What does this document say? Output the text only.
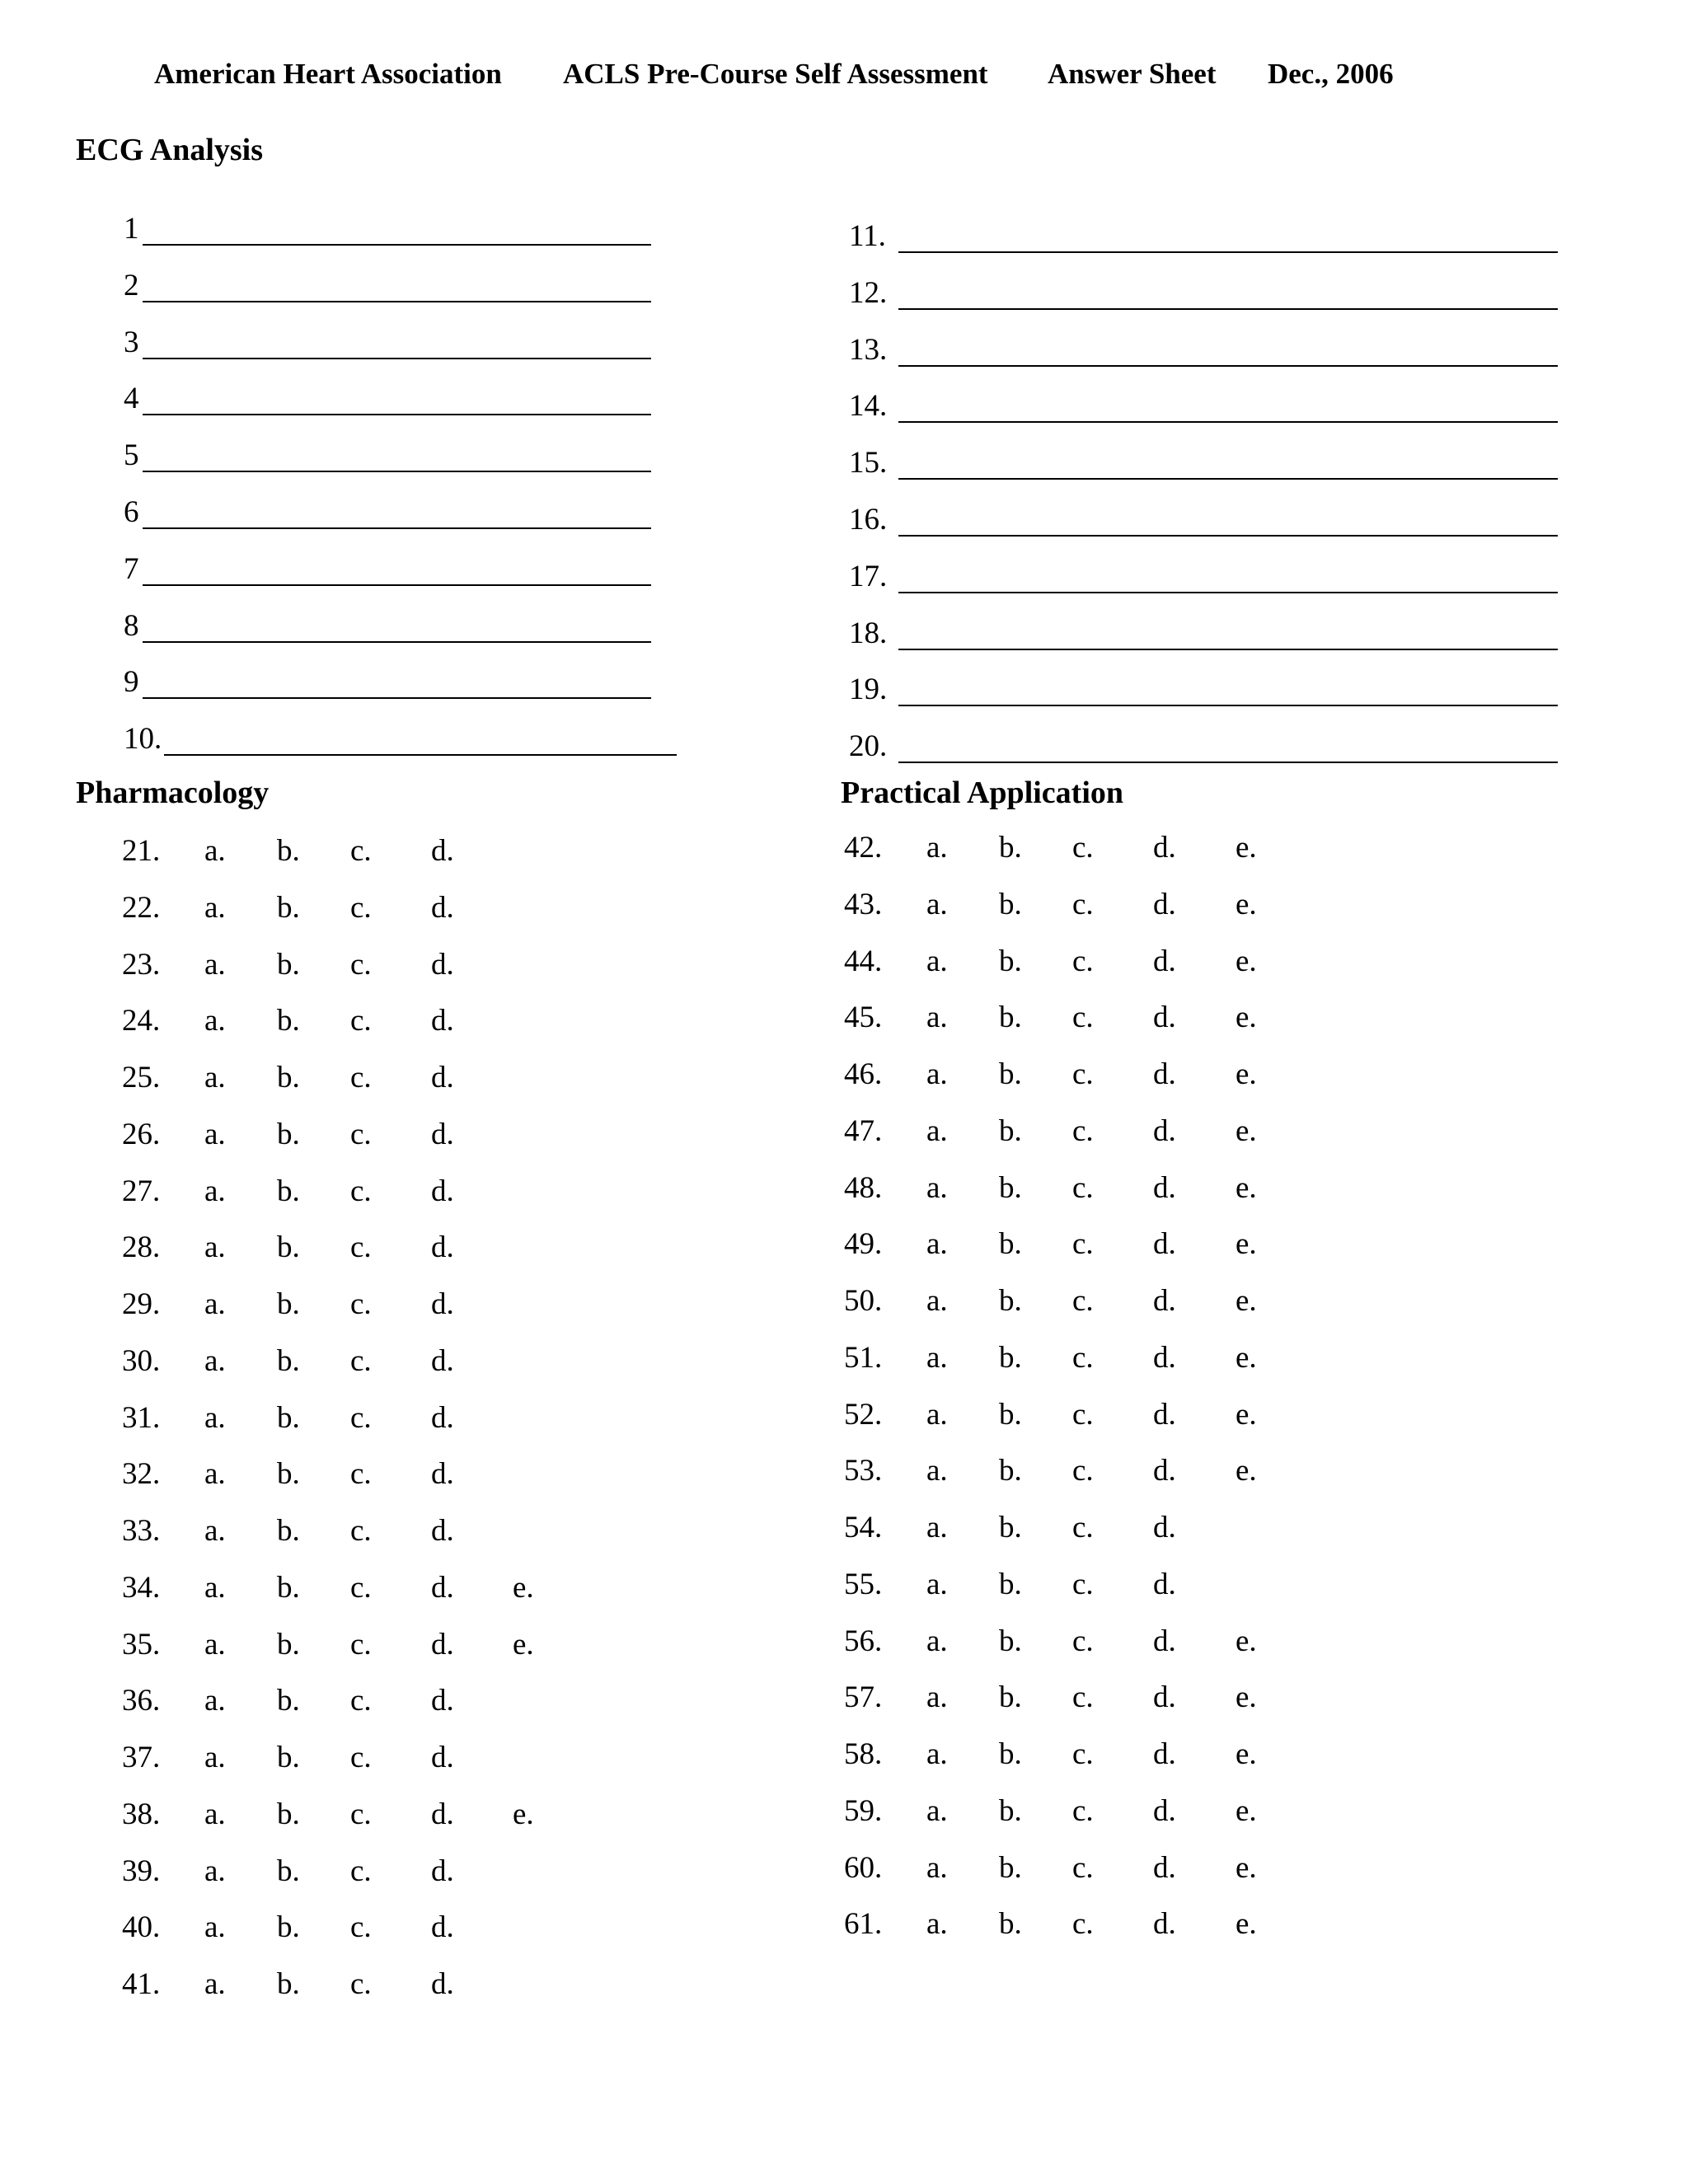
American Heart Association ACLS Pre-Course Self Assessment Answer Sheet Dec., 2006
ECG Analysis
Pharmacology	Practical Application
1
2
3
4
5
6
7
8
9
10.
11.
12.
13.
14.
15.
16.
17.
18.
19.
20.
21. a. b. c. d.
22. a. b. c. d.
23. a. b. c. d.
24. a. b. c. d.
25. a. b. c. d.
26. a. b. c. d.
27. a. b. c. d.
28. a. b. c. d.
29. a. b. c. d.
30. a. b. c. d.
31. a. b. c. d.
32. a. b. c. d.
33. a. b. c. d.
34. a. b. c. d. e.
35. a. b. c. d. e.
36. a. b. c. d.
37. a. b. c. d.
38. a. b. c. d. e.
39. a. b. c. d.
40. a. b. c. d.
41. a. b. c. d.
42. a. b. c. d. e.
43. a. b. c. d. e.
44. a. b. c. d. e.
45. a. b. c. d. e.
46. a. b. c. d. e.
47. a. b. c. d. e.
48. a. b. c. d. e.
49. a. b. c. d. e.
50. a. b. c. d. e.
51. a. b. c. d. e.
52. a. b. c. d. e.
53. a. b. c. d. e.
54. a. b. c. d.
55. a. b. c. d.
56. a. b. c. d. e.
57. a. b. c. d. e.
58. a. b. c. d. e.
59. a. b. c. d. e.
60. a. b. c. d. e.
61. a. b. c. d. e.
